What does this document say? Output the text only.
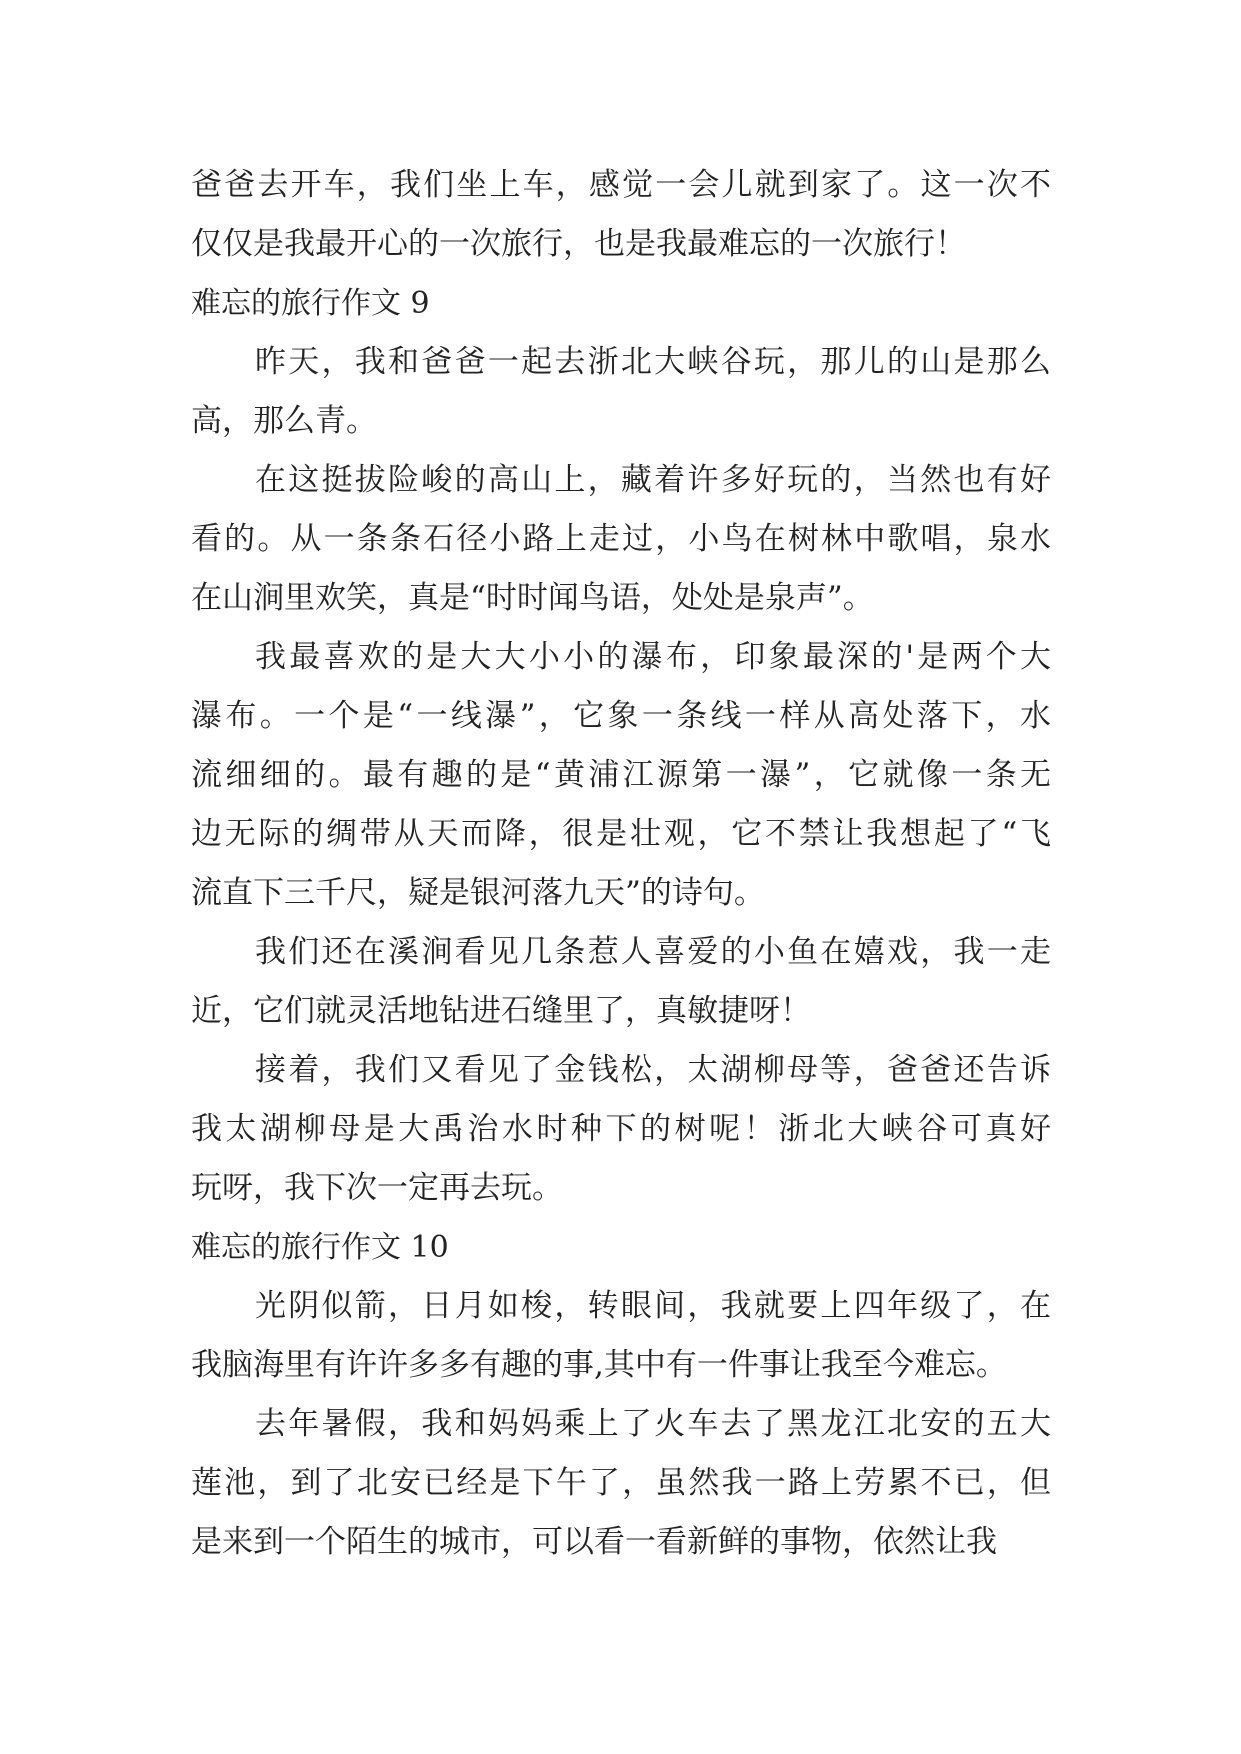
爸爸去开车，我们坐上车，感觉一会儿就到家了。这一次不
仅仅是我最开心的一次旅行，也是我最难忘的一次旅行！
难忘的旅行作文 9
昨天，我和爸爸一起去浙北大峡谷玩，那儿的山是那么
高，那么青。
在这挺拔险峻的高山上，藏着许多好玩的，当然也有好
看的。从一条条石径小路上走过，小鸟在树林中歌唱，泉水
在山涧里欢笑，真是“时时闻鸟语，处处是泉声”。
我最喜欢的是大大小小的瀑布，印象最深的'是两个大
瀑布。一个是“一线瀑”，它象一条线一样从高处落下，水
流细细的。最有趣的是“黄浦江源第一瀑”，它就像一条无
边无际的绸带从天而降，很是壮观，它不禁让我想起了“飞
流直下三千尺，疑是银河落九天”的诗句。
我们还在溪涧看见几条惹人喜爱的小鱼在嬉戏，我一走
近，它们就灵活地钻进石缝里了，真敏捷呀！
接着，我们又看见了金钱松，太湖柳母等，爸爸还告诉
我太湖柳母是大禹治水时种下的树呢！浙北大峡谷可真好
玩呀，我下次一定再去玩。
难忘的旅行作文 10
光阴似箭，日月如梭，转眼间，我就要上四年级了，在
我脑海里有许许多多有趣的事,其中有一件事让我至今难忘。
去年暑假，我和妈妈乘上了火车去了黑龙江北安的五大
莲池，到了北安已经是下午了，虽然我一路上劳累不已，但
是来到一个陌生的城市，可以看一看新鲜的事物，依然让我
